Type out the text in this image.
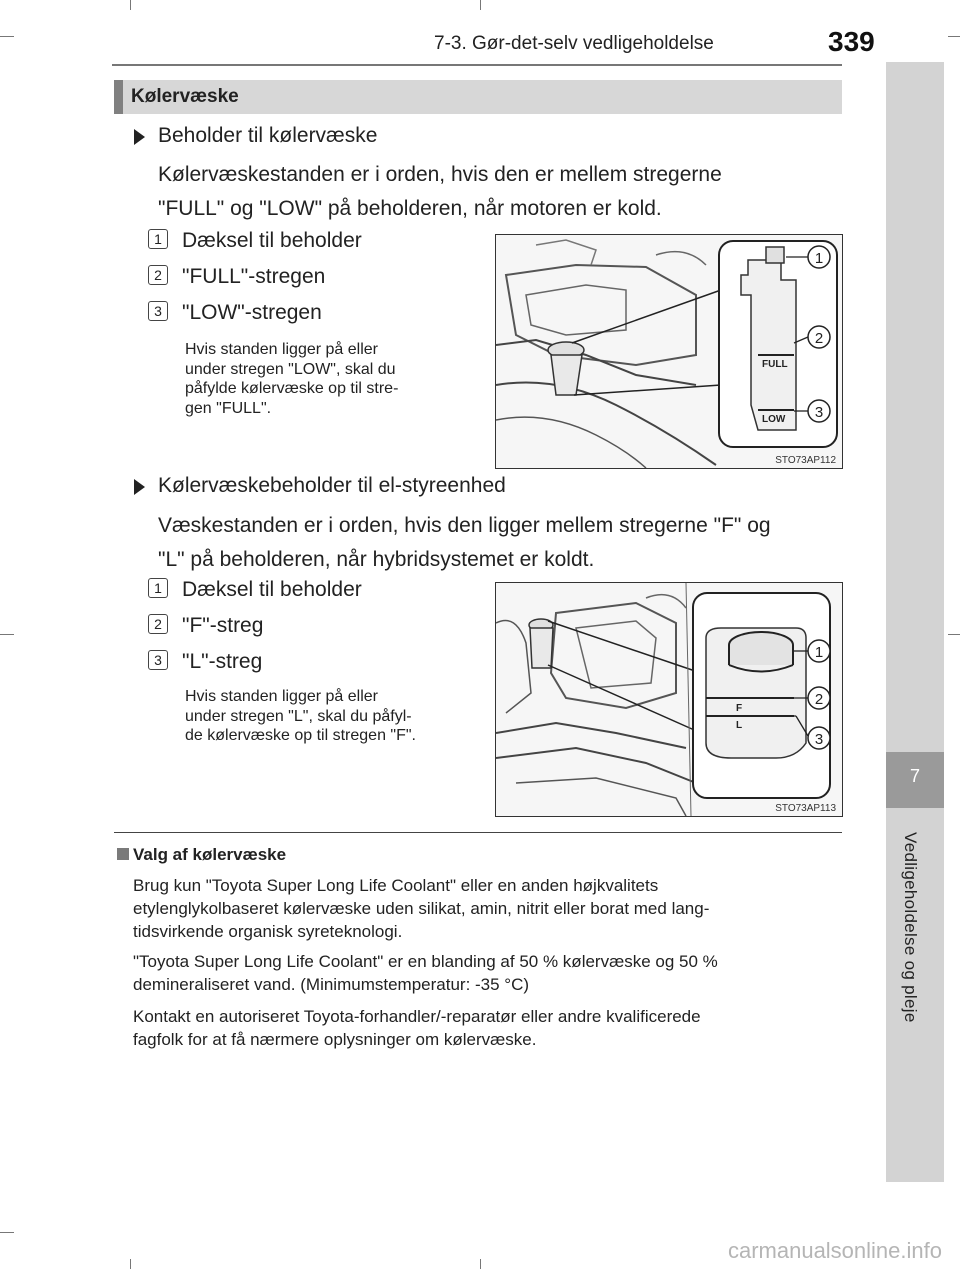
7-3. Gør-det-selv vedligeholdelse	339
7
Vedligeholdelse og pleje
Kølervæske
Beholder til kølervæske
Kølervæskestanden er i orden, hvis den er mellem stregerne
"FULL" og "LOW" på beholderen, når motoren er kold.
1 Dæksel til beholder
2 "FULL"-stregen
3 "LOW"-stregen
Hvis standen ligger på eller
under stregen "LOW", skal du
påfylde kølervæske op til stre-
gen "FULL".
FULL
LOW
1
2
3
STO73AP112
Kølervæskebeholder til el-styreenhed
Væskestanden er i orden, hvis den ligger mellem stregerne "F" og
"L" på beholderen, når hybridsystemet er koldt.
1 Dæksel til beholder
2 "F"-streg
3 "L"-streg
Hvis standen ligger på eller
under stregen "L", skal du påfyl-
de kølervæske op til stregen "F".
F
L
1
2
3
STO73AP113
Valg af kølervæske
Brug kun "Toyota Super Long Life Coolant" eller en anden højkvalitets
etylenglykolbaseret kølervæske uden silikat, amin, nitrit eller borat med lang-
tidsvirkende organisk syreteknologi.
"Toyota Super Long Life Coolant" er en blanding af 50 % kølervæske og 50 %
demineraliseret vand. (Minimumstemperatur: -35 °C)
Kontakt en autoriseret Toyota-forhandler/-reparatør eller andre kvalificerede
fagfolk for at få nærmere oplysninger om kølervæske.
carmanualsonline.info
